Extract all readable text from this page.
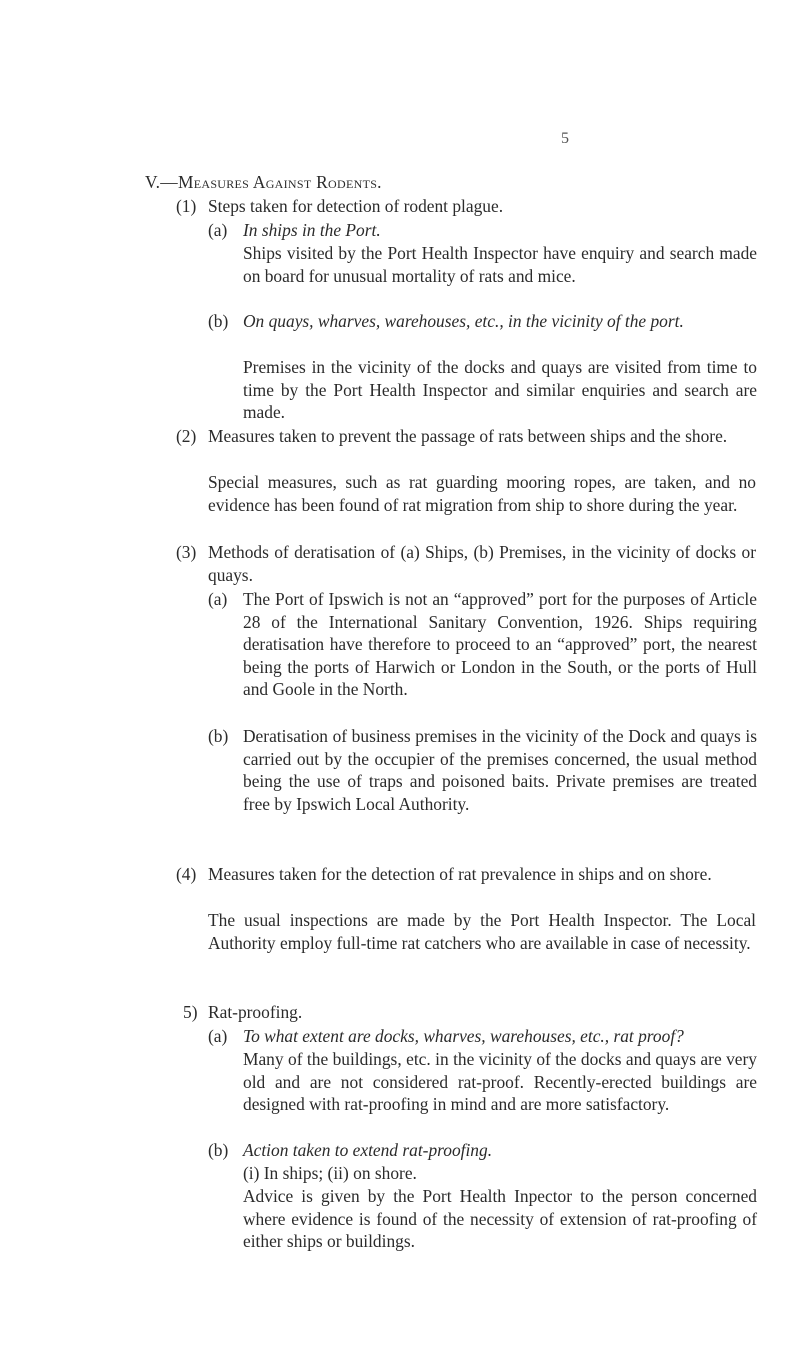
5
V.—Measures Against Rodents.
(1) Steps taken for detection of rodent plague.

(a) In ships in the Port.

Ships visited by the Port Health Inspector have enquiry and search made on board for unusual mortality of rats and mice.

(b) On quays, wharves, warehouses, etc., in the vicinity of the port.

Premises in the vicinity of the docks and quays are visited from time to time by the Port Health Inspector and similar enquiries and search are made.

(2) Measures taken to prevent the passage of rats between ships and the shore.

Special measures, such as rat guarding mooring ropes, are taken, and no evidence has been found of rat migration from ship to shore during the year.

(3) Methods of deratisation of (a) Ships, (b) Premises, in the vicinity of docks or quays.

(a) The Port of Ipswich is not an “approved” port for the purposes of Article 28 of the International Sanitary Convention, 1926. Ships requiring deratisation have therefore to proceed to an “approved” port, the nearest being the ports of Harwich or London in the South, or the ports of Hull and Goole in the North.

(b) Deratisation of business premises in the vicinity of the Dock and quays is carried out by the occupier of the premises concerned, the usual method being the use of traps and poisoned baits. Private premises are treated free by Ipswich Local Authority.

(4) Measures taken for the detection of rat prevalence in ships and on shore.

The usual inspections are made by the Port Health Inspector. The Local Authority employ full-time rat catchers who are available in case of necessity.

5) Rat-proofing.

(a) To what extent are docks, wharves, warehouses, etc., rat proof?

Many of the buildings, etc. in the vicinity of the docks and quays are very old and are not considered rat-proof. Recently-erected buildings are designed with rat-proofing in mind and are more satisfactory.

(b) Action taken to extend rat-proofing.

(i) In ships; (ii) on shore.

Advice is given by the Port Health Inpector to the person concerned where evidence is found of the necessity of extension of rat-proofing of either ships or buildings.
